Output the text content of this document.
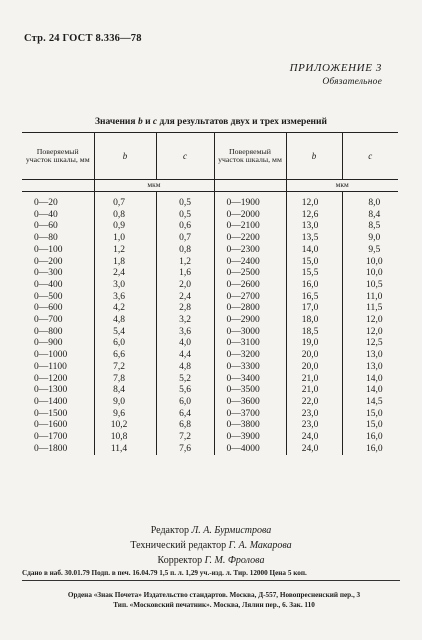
Стр. 24 ГОСТ 8.336—78
ПРИЛОЖЕНИЕ 3
Обязательное
Значения b и c для результатов двух и трех измерений
Поверяемый участок шкалы, мм	b	c	Поверяемый участок шкалы, мм	b	c
	мкм			мкм	
0—20	0,7	0,5	0—1900	12,0	8,0
0—40	0,8	0,5	0—2000	12,6	8,4
0—60	0,9	0,6	0—2100	13,0	8,5
0—80	1,0	0,7	0—2200	13,5	9,0
0—100	1,2	0,8	0—2300	14,0	9,5
0—200	1,8	1,2	0—2400	15,0	10,0
0—300	2,4	1,6	0—2500	15,5	10,0
0—400	3,0	2,0	0—2600	16,0	10,5
0—500	3,6	2,4	0—2700	16,5	11,0
0—600	4,2	2,8	0—2800	17,0	11,5
0—700	4,8	3,2	0—2900	18,0	12,0
0—800	5,4	3,6	0—3000	18,5	12,0
0—900	6,0	4,0	0—3100	19,0	12,5
0—1000	6,6	4,4	0—3200	20,0	13,0
0—1100	7,2	4,8	0—3300	20,0	13,0
0—1200	7,8	5,2	0—3400	21,0	14,0
0—1300	8,4	5,6	0—3500	21,0	14,0
0—1400	9,0	6,0	0—3600	22,0	14,5
0—1500	9,6	6,4	0—3700	23,0	15,0
0—1600	10,2	6,8	0—3800	23,0	15,0
0—1700	10,8	7,2	0—3900	24,0	16,0
0—1800	11,4	7,6	0—4000	24,0	16,0
Редактор Л. А. Бурмистрова
Технический редактор Г. А. Макарова
Корректор Г. М. Фролова
Сдано в наб. 30.01.79 Подп. в печ. 16.04.79 1,5 п. л. 1,29 уч.-изд. л. Тир. 12000 Цена 5 коп.
Ордена «Знак Почета» Издательство стандартов. Москва, Д-557, Новопресненский пер., 3
Тип. «Московский печатник». Москва, Лялин пер., 6. Зак. 110
